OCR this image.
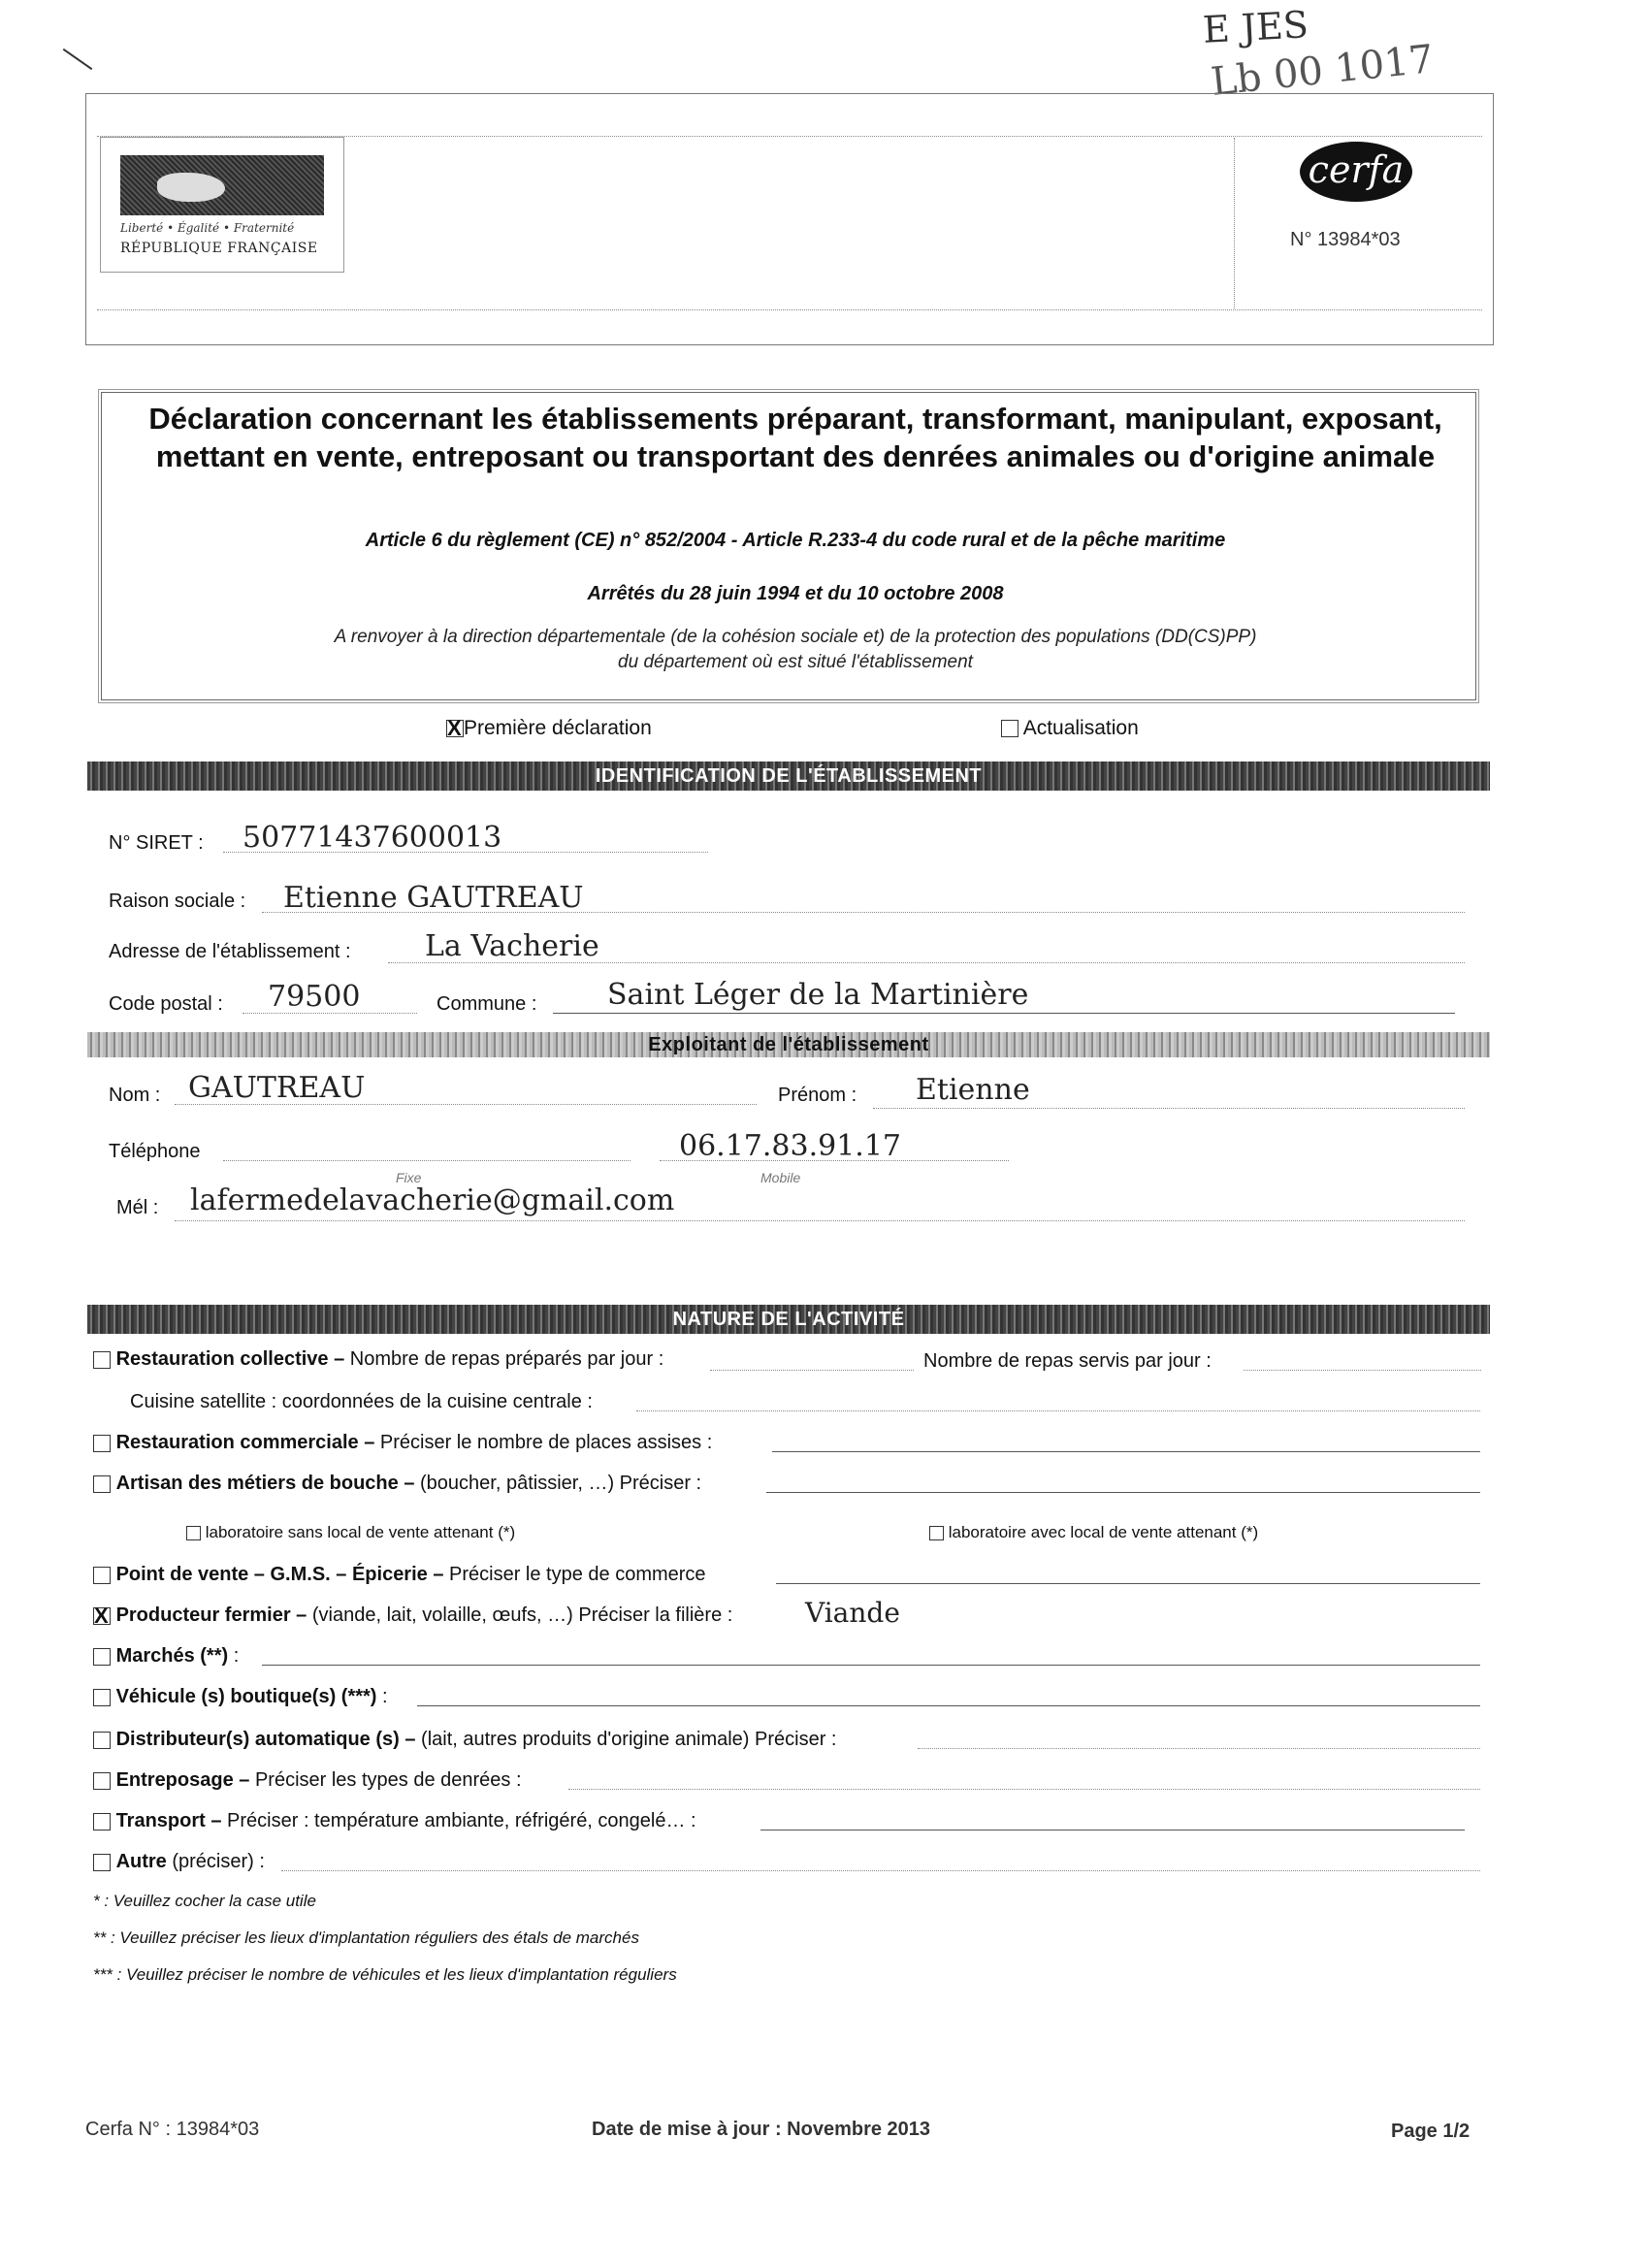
E JES
Lb 00 1017
Liberté • Égalité • Fraternité
RÉPUBLIQUE FRANÇAISE
cerfa
N° 13984*03
Déclaration concernant les établissements préparant, transformant, manipulant, exposant, mettant en vente, entreposant ou transportant des denrées animales ou d'origine animale
Article 6 du règlement (CE) n° 852/2004 - Article R.233-4 du code rural et de la pêche maritime
Arrêtés du 28 juin 1994 et du 10 octobre 2008
A renvoyer à la direction départementale (de la cohésion sociale et) de la protection des populations (DD(CS)PP)
du département où est situé l'établissement
XPremière déclaration	Actualisation
IDENTIFICATION DE L'ÉTABLISSEMENT
N° SIRET : 50771437600013
Raison sociale : Etienne GAUTREAU
Adresse de l'établissement :	La Vacherie
Code postal : 79500	Commune : Saint Léger de la Martinière
Exploitant de l'établissement
Nom : GAUTREAU	Prénom : Etienne
Téléphone	06.17.83.91.17
Fixe	Mobile
Mél : lafermedelavacherie@gmail.com
NATURE DE L'ACTIVITÉ
Restauration collective – Nombre de repas préparés par jour :	Nombre de repas servis par jour :
Cuisine satellite : coordonnées de la cuisine centrale :
Restauration commerciale – Préciser le nombre de places assises :
Artisan des métiers de bouche – (boucher, pâtissier, …) Préciser :
laboratoire sans local de vente attenant (*)	laboratoire avec local de vente attenant (*)
Point de vente – G.M.S. – Épicerie – Préciser le type de commerce
X Producteur fermier – (viande, lait, volaille, œufs, …) Préciser la filière :	Viande
Marchés (**) :
Véhicule (s) boutique(s) (***) :
Distributeur(s) automatique (s) – (lait, autres produits d'origine animale) Préciser :
Entreposage – Préciser les types de denrées :
Transport – Préciser : température ambiante, réfrigéré, congelé… :
Autre (préciser) :
* : Veuillez cocher la case utile
** : Veuillez préciser les lieux d'implantation réguliers des étals de marchés
*** : Veuillez préciser le nombre de véhicules et les lieux d'implantation réguliers
Cerfa N° : 13984*03	Date de mise à jour : Novembre 2013	Page 1/2
